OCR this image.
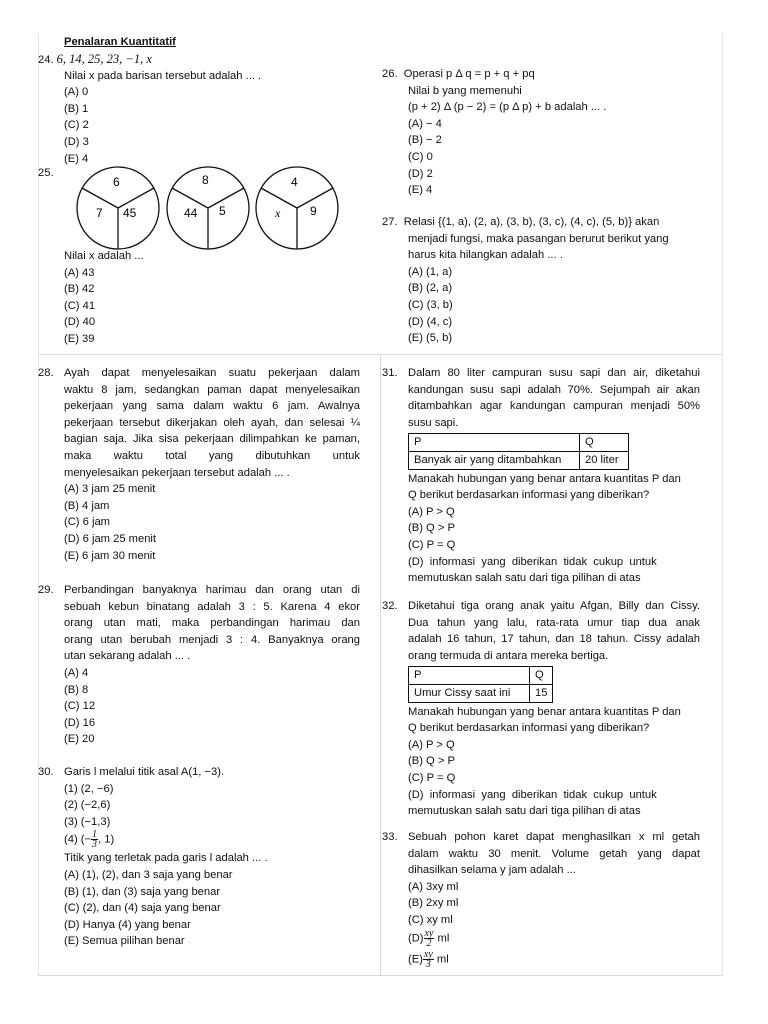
Penalaran Kuantitatif
24. 6, 14, 25, 23, −1, x
Nilai x pada barisan tersebut adalah ... .
(A) 0
(B) 1
(C) 2
(D) 3
(E) 4
25.
6
7 45
8
44 5
4
x 9
Nilai x adalah ...
(A) 43
(B) 42
(C) 41
(D) 40
(E) 39
26. Operasi p Δ q = p + q + pq
Nilai b yang memenuhi
(p + 2) Δ (p − 2) = (p Δ p) + b adalah ... .
(A) − 4
(B) − 2
(C) 0
(D) 2
(E) 4
27. Relasi {(1, a), (2, a), (3, b), (3, c), (4, c), (5, b)} akan
menjadi fungsi, maka pasangan berurut berikut yang
harus kita hilangkan adalah ... .
(A) (1, a)
(B) (2, a)
(C) (3, b)
(D) (4, c)
(E) (5, b)
28. Ayah dapat menyelesaikan suatu pekerjaan dalam
waktu 8 jam, sedangkan paman dapat menyelesaikan
pekerjaan yang sama dalam waktu 6 jam. Awalnya
pekerjaan tersebut dikerjakan oleh ayah, dan selesai ¼
bagian saja. Jika sisa pekerjaan dilimpahkan ke paman,
maka waktu total yang dibutuhkan untuk
menyelesaikan pekerjaan tersebut adalah ... .
(A) 3 jam 25 menit
(B) 4 jam
(C) 6 jam
(D) 6 jam 25 menit
(E) 6 jam 30 menit
29. Perbandingan banyaknya harimau dan orang utan di
sebuah kebun binatang adalah 3 : 5. Karena 4 ekor
orang utan mati, maka perbandingan harimau dan
orang utan berubah menjadi 3 : 4. Banyaknya orang
utan sekarang adalah ... .
(A) 4
(B) 8
(C) 12
(D) 16
(E) 20
30. Garis l melalui titik asal A(1, −3).
(1) (2, −6)
(2) (−2,6)
(3) (−1,3)
(4) (− $\frac{1}{3}$ , 1)
Titik yang terletak pada garis l adalah ... .
(A) (1), (2), dan 3 saja yang benar
(B) (1), dan (3) saja yang benar
(C) (2), dan (4) saja yang benar
(D) Hanya (4) yang benar
(E) Semua pilihan benar
31. Dalam 80 liter campuran susu sapi dan air, diketahui
kandungan susu sapi adalah 70%. Sejumpah air akan
ditambahkan agar kandungan campuran menjadi 50%
susu sapi.
P	Q
Banyak air yang ditambahkan	20 liter
Manakah hubungan yang benar antara kuantitas P dan
Q berikut berdasarkan informasi yang diberikan?
(A) P > Q
(B) Q > P
(C) P = Q
(D)  informasi  yang  diberikan  tidak  cukup  untuk
memutuskan salah satu dari tiga pilihan di atas
32. Diketahui tiga orang anak yaitu Afgan, Billy dan Cissy.
Dua tahun yang lalu, rata-rata umur tiap dua anak
adalah 16 tahun, 17 tahun, dan 18 tahun. Cissy adalah
orang termuda di antara mereka bertiga.
P	Q
Umur Cissy saat ini	15
Manakah hubungan yang benar antara kuantitas P dan
Q berikut berdasarkan informasi yang diberikan?
(A) P > Q
(B) Q > P
(C) P = Q
(D)  informasi  yang  diberikan  tidak  cukup  untuk
memutuskan salah satu dari tiga pilihan di atas
33. Sebuah pohon karet dapat menghasilkan x ml getah
dalam waktu 30 menit. Volume getah yang dapat
dihasilkan selama y jam adalah ...
(A) 3xy ml
(B) 2xy ml
(C) xy ml
$(D) \frac{xy}{2}$ ml
$(E) \frac{xy}{3}$ ml
